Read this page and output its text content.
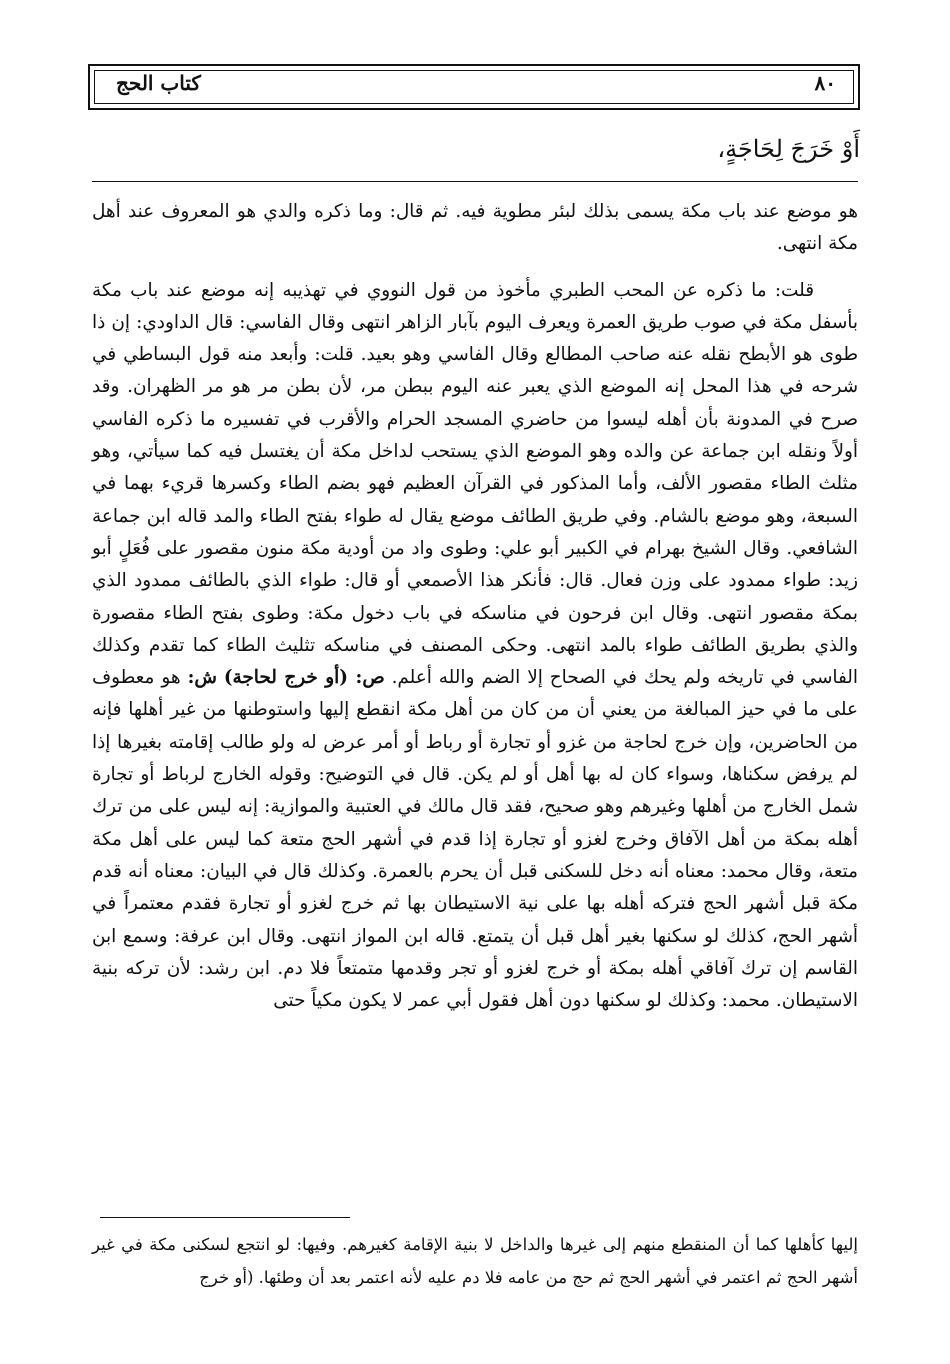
٨٠
كتاب الحج
أَوْ خَرَجَ لِحَاجَةٍ،

هو موضع عند باب مكة يسمى بذلك لبئر مطوية فيه. ثم قال: وما ذكره والدي هو المعروف عند أهل مكة انتهى.

قلت: ما ذكره عن المحب الطبري مأخوذ من قول النووي في تهذيبه إنه موضع عند باب مكة بأسفل مكة في صوب طريق العمرة ويعرف اليوم بآبار الزاهر انتهى وقال الفاسي: قال الداودي: إن ذا طوى هو الأبطح نقله عنه صاحب المطالع وقال الفاسي وهو بعيد. قلت: وأبعد منه قول البساطي في شرحه في هذا المحل إنه الموضع الذي يعبر عنه اليوم ببطن مر، لأن بطن مر هو مر الظهران. وقد صرح في المدونة بأن أهله ليسوا من حاضري المسجد الحرام والأقرب في تفسيره ما ذكره الفاسي أولاً ونقله ابن جماعة عن والده وهو الموضع الذي يستحب لداخل مكة أن يغتسل فيه كما سيأتي، وهو مثلث الطاء مقصور الألف، وأما المذكور في القرآن العظيم فهو بضم الطاء وكسرها قريء بهما في السبعة، وهو موضع بالشام. وفي طريق الطائف موضع يقال له طواء بفتح الطاء والمد قاله ابن جماعة الشافعي. وقال الشيخ بهرام في الكبير أبو علي: وطوى واد من أودية مكة منون مقصور على فُعَلٍ أبو زيد: طواء ممدود على وزن فعال. قال: فأنكر هذا الأصمعي أو قال: طواء الذي بالطائف ممدود الذي بمكة مقصور انتهى. وقال ابن فرحون في مناسكه في باب دخول مكة: وطوى بفتح الطاء مقصورة والذي بطريق الطائف طواء بالمد انتهى. وحكى المصنف في مناسكه تثليث الطاء كما تقدم وكذلك الفاسي في تاريخه ولم يحك في الصحاح إلا الضم والله أعلم. ص: (أو خرج لحاجة) ش: هو معطوف على ما في حيز المبالغة من يعني أن من كان من أهل مكة انقطع إليها واستوطنها من غير أهلها فإنه من الحاضرين، وإن خرج لحاجة من غزو أو تجارة أو رباط أو أمر عرض له ولو طالب إقامته بغيرها إذا لم يرفض سكناها، وسواء كان له بها أهل أو لم يكن. قال في التوضيح: وقوله الخارج لرباط أو تجارة شمل الخارج من أهلها وغيرهم وهو صحيح، فقد قال مالك في العتبية والموازية: إنه ليس على من ترك أهله بمكة من أهل الآفاق وخرج لغزو أو تجارة إذا قدم في أشهر الحج متعة كما ليس على أهل مكة متعة، وقال محمد: معناه أنه دخل للسكنى قبل أن يحرم بالعمرة. وكذلك قال في البيان: معناه أنه قدم مكة قبل أشهر الحج فتركه أهله بها على نية الاستيطان بها ثم خرج لغزو أو تجارة فقدم معتمراً في أشهر الحج، كذلك لو سكنها بغير أهل قبل أن يتمتع. قاله ابن المواز انتهى. وقال ابن عرفة: وسمع ابن القاسم إن ترك آفاقي أهله بمكة أو خرج لغزو أو تجر وقدمها متمتعاً فلا دم. ابن رشد: لأن تركه بنية الاستيطان. محمد: وكذلك لو سكنها دون أهل فقول أبي عمر لا يكون مكياً حتى

إليها كأهلها كما أن المنقطع منهم إلى غيرها والداخل لا بنية الإقامة كغيرهم. وفيها: لو انتجع لسكنى مكة في غير أشهر الحج ثم اعتمر في أشهر الحج ثم حج من عامه فلا دم عليه لأنه اعتمر بعد أن وطئها. (أو خرج
